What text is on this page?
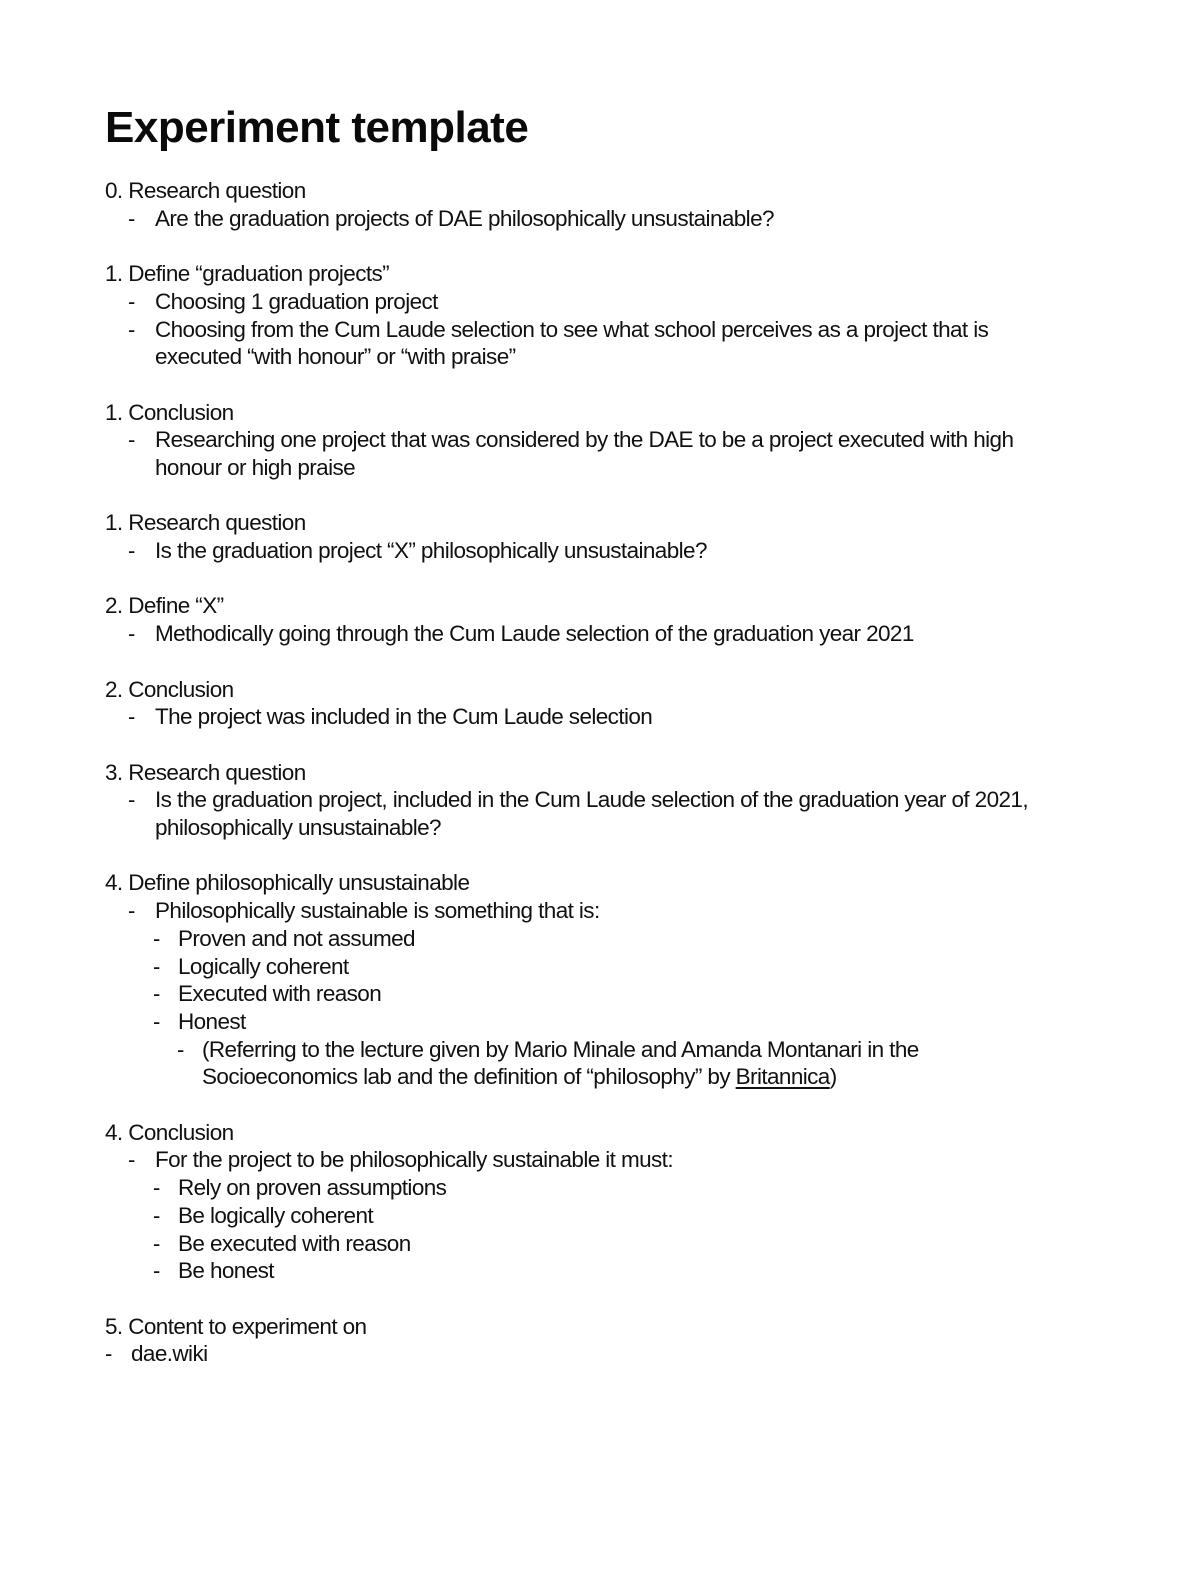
Experiment template

0. Research question

- Are the graduation projects of DAE philosophically unsustainable?

1. Define “graduation projects”

- Choosing 1 graduation project
- Choosing from the Cum Laude selection to see what school perceives as a project that is executed “with honour” or “with praise”

1. Conclusion

- Researching one project that was considered by the DAE to be a project executed with high honour or high praise

1. Research question

- Is the graduation project “X” philosophically unsustainable?

2. Define “X”

- Methodically going through the Cum Laude selection of the graduation year 2021

2. Conclusion

- The project was included in the Cum Laude selection

3. Research question

- Is the graduation project, included in the Cum Laude selection of the graduation year of 2021, philosophically unsustainable?

4. Define philosophically unsustainable

- Philosophically sustainable is something that is:
- Proven and not assumed
- Logically coherent
- Executed with reason
- Honest
- (Referring to the lecture given by Mario Minale and Amanda Montanari in the Socioeconomics lab and the definition of “philosophy” by Britannica)

4. Conclusion

- For the project to be philosophically sustainable it must:
- Rely on proven assumptions
- Be logically coherent
- Be executed with reason
- Be honest

5. Content to experiment on

- dae.wiki
